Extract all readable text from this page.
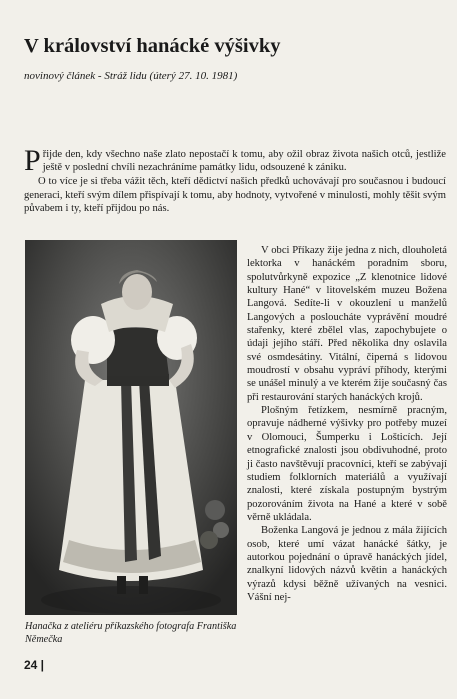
V království hanácké výšivky

novinový článek - Stráž lidu (úterý 27. 10. 1981)

Přijde den, kdy všechno naše zlato nepostačí k tomu, aby ožil obraz života našich otců, jestliže ještě v poslední chvíli nezachráníme památky lidu, odsouzené k zániku.

O to více je si třeba vážit těch, kteří dědictví našich předků uchovávají pro současnou i budoucí generaci, kteří svým dílem přispívají k tomu, aby hodnoty, vytvořené v minulosti, mohly těšit svým půvabem i ty, kteří přijdou po nás.

Hanačka z ateliéru příkazského fotografa Františka Němečka

V obci Příkazy žije jedna z nich, dlouholetá lektorka v hanáckém poradním sboru, spolutvůrkyně expozice „Z klenotnice lidové kultury Hané“ v litovelském muzeu Božena Langová. Sedíte-li v okouzlení u manželů Langových a posloucháte vyprávění moudré stařenky, které zbělel vlas, zapochybujete o údaji jejího stáří. Před několika dny oslavila své osmdesátiny. Vitální, čiperná s lidovou moudrostí v obsahu vypráví příhody, kterými se unášel minulý a ve kterém žije současný čas při restaurování starých hanáckých krojů.

Plošným řetízkem, nesmírně pracným, opravuje nádherné výšivky pro potřeby muzeí v Olomouci, Šumperku i Lošticích. Její etnografické znalosti jsou obdivuhodné, proto ji často navštěvují pracovníci, kteří se zabývají studiem folklorních materiálů a využívají znalosti, které získala postupným bystrým pozorováním života na Hané a které v sobě věrně ukládala.

Boženka Langová je jednou z mála žijících osob, které umí vázat hanácké šátky, je autorkou pojednání o úpravě hanáckých jídel, znalkyní lidových názvů květin a hanáckých výrazů kdysi běžně užívaných na vesnici. Vášní nej-

24 |
